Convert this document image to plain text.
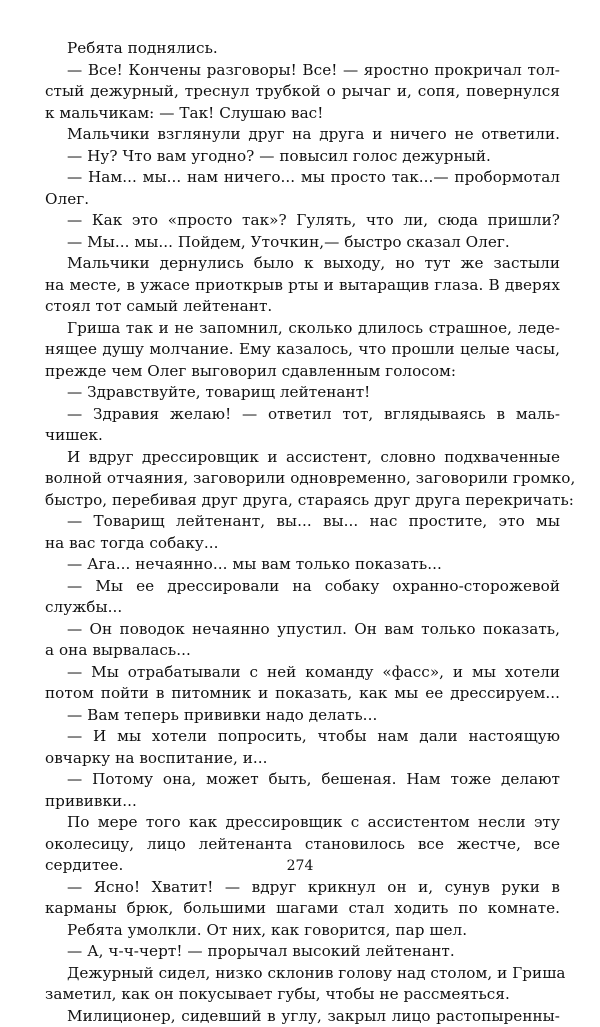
Ребята поднялись.
— Все! Кончены разговоры! Все! — яростно прокричал тол-
стый дежурный, треснул трубкой о рычаг и, сопя, повернулся
к мальчикам: — Так! Слушаю вас!
Мальчики взглянули друг на друга и ничего не ответили.
— Ну? Что вам угодно? — повысил голос дежурный.
— Нам... мы... нам ничего... мы просто так...— пробормотал
Олег.
— Как это «просто так»? Гулять, что ли, сюда пришли?
— Мы... мы... Пойдем, Уточкин,— быстро сказал Олег.
Мальчики дернулись было к выходу, но тут же застыли
на месте, в ужасе приоткрыв рты и вытаращив глаза. В дверях
стоял тот самый лейтенант.
Гриша так и не запомнил, сколько длилось страшное, леде-
нящее душу молчание. Ему казалось, что прошли целые часы,
прежде чем Олег выговорил сдавленным голосом:
— Здравствуйте, товарищ лейтенант!
— Здравия желаю! — ответил тот, вглядываясь в маль-
чишек.
И вдруг дрессировщик и ассистент, словно подхваченные
волной отчаяния, заговорили одновременно, заговорили громко,
быстро, перебивая друг друга, стараясь друг друга перекричать:
— Товарищ лейтенант, вы... вы... нас простите, это мы
на вас тогда собаку...
— Ага... нечаянно... мы вам только показать...
— Мы ее дрессировали на собаку охранно-сторожевой
службы...
— Он поводок нечаянно упустил. Он вам только показать,
а она вырвалась...
— Мы отрабатывали с ней команду «фасс», и мы хотели
потом пойти в питомник и показать, как мы ее дрессируем...
— Вам теперь прививки надо делать...
— И мы хотели попросить, чтобы нам дали настоящую
овчарку на воспитание, и...
— Потому она, может быть, бешеная. Нам тоже делают
прививки...
По мере того как дрессировщик с ассистентом несли эту
околесицу, лицо лейтенанта становилось все жестче, все
сердитее.
— Ясно! Хватит! — вдруг крикнул он и, сунув руки в
карманы брюк, большими шагами стал ходить по комнате.
Ребята умолкли. От них, как говорится, пар шел.
— А, ч-ч-черт! — прорычал высокий лейтенант.
Дежурный сидел, низко склонив голову над столом, и Гриша
заметил, как он покусывает губы, чтобы не рассмеяться.
Милиционер, сидевший в углу, закрыл лицо растопыренны-
274
